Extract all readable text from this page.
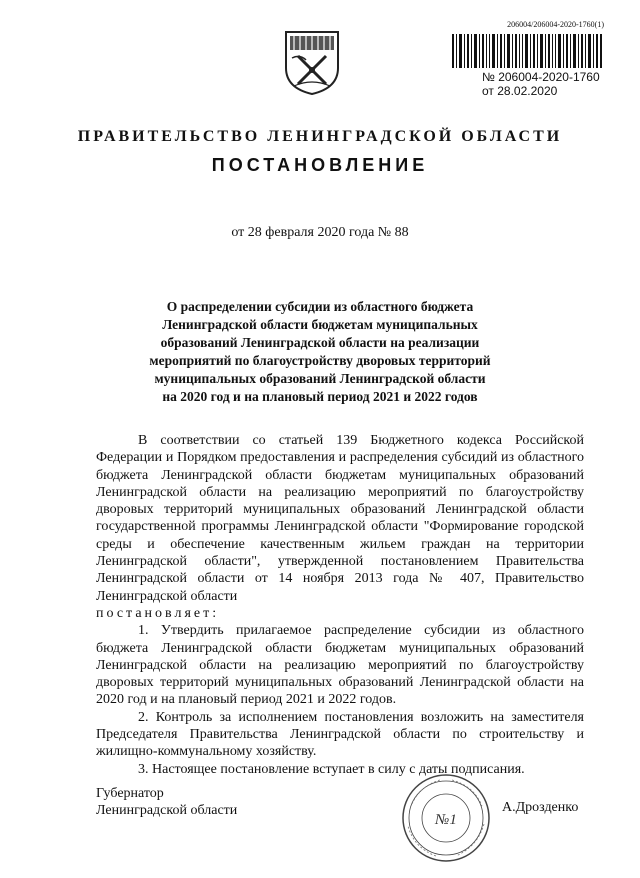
206004/206004-2020-1760(1)
№ 206004-2020-1760
от 28.02.2020
ПРАВИТЕЛЬСТВО ЛЕНИНГРАДСКОЙ ОБЛАСТИ
ПОСТАНОВЛЕНИЕ
от 28 февраля 2020 года № 88
О распределении субсидии из областного бюджета
Ленинградской области бюджетам муниципальных
образований Ленинградской области на реализации
мероприятий по благоустройству дворовых территорий
муниципальных образований Ленинградской области
на 2020 год и на плановый период 2021 и 2022 годов

В соответствии со статьей 139 Бюджетного кодекса Российской Федерации и Порядком предоставления и распределения субсидий из областного бюджета Ленинградской области бюджетам муниципальных образований Ленинградской области на реализацию мероприятий по благоустройству дворовых территорий муниципальных образований Ленинградской области государственной программы Ленинградской области "Формирование городской среды и обеспечение качественным жильем граждан на территории Ленинградской области", утвержденной постановлением Правительства Ленинградской области от 14 ноября 2013 года № 407, Правительство Ленинградской области

постановляет:

1. Утвердить прилагаемое распределение субсидии из областного бюджета Ленинградской области бюджетам муниципальных образований Ленинградской области на реализацию мероприятий по благоустройству дворовых территорий муниципальных образований Ленинградской области на 2020 год и на плановый период 2021 и 2022 годов.

2. Контроль за исполнением постановления возложить на заместителя Председателя Правительства Ленинградской области по строительству и жилищно-коммунальному хозяйству.

3. Настоящее постановление вступает в силу с даты подписания.

Губернатор
Ленинградской области
№1
А.Дрозденко
